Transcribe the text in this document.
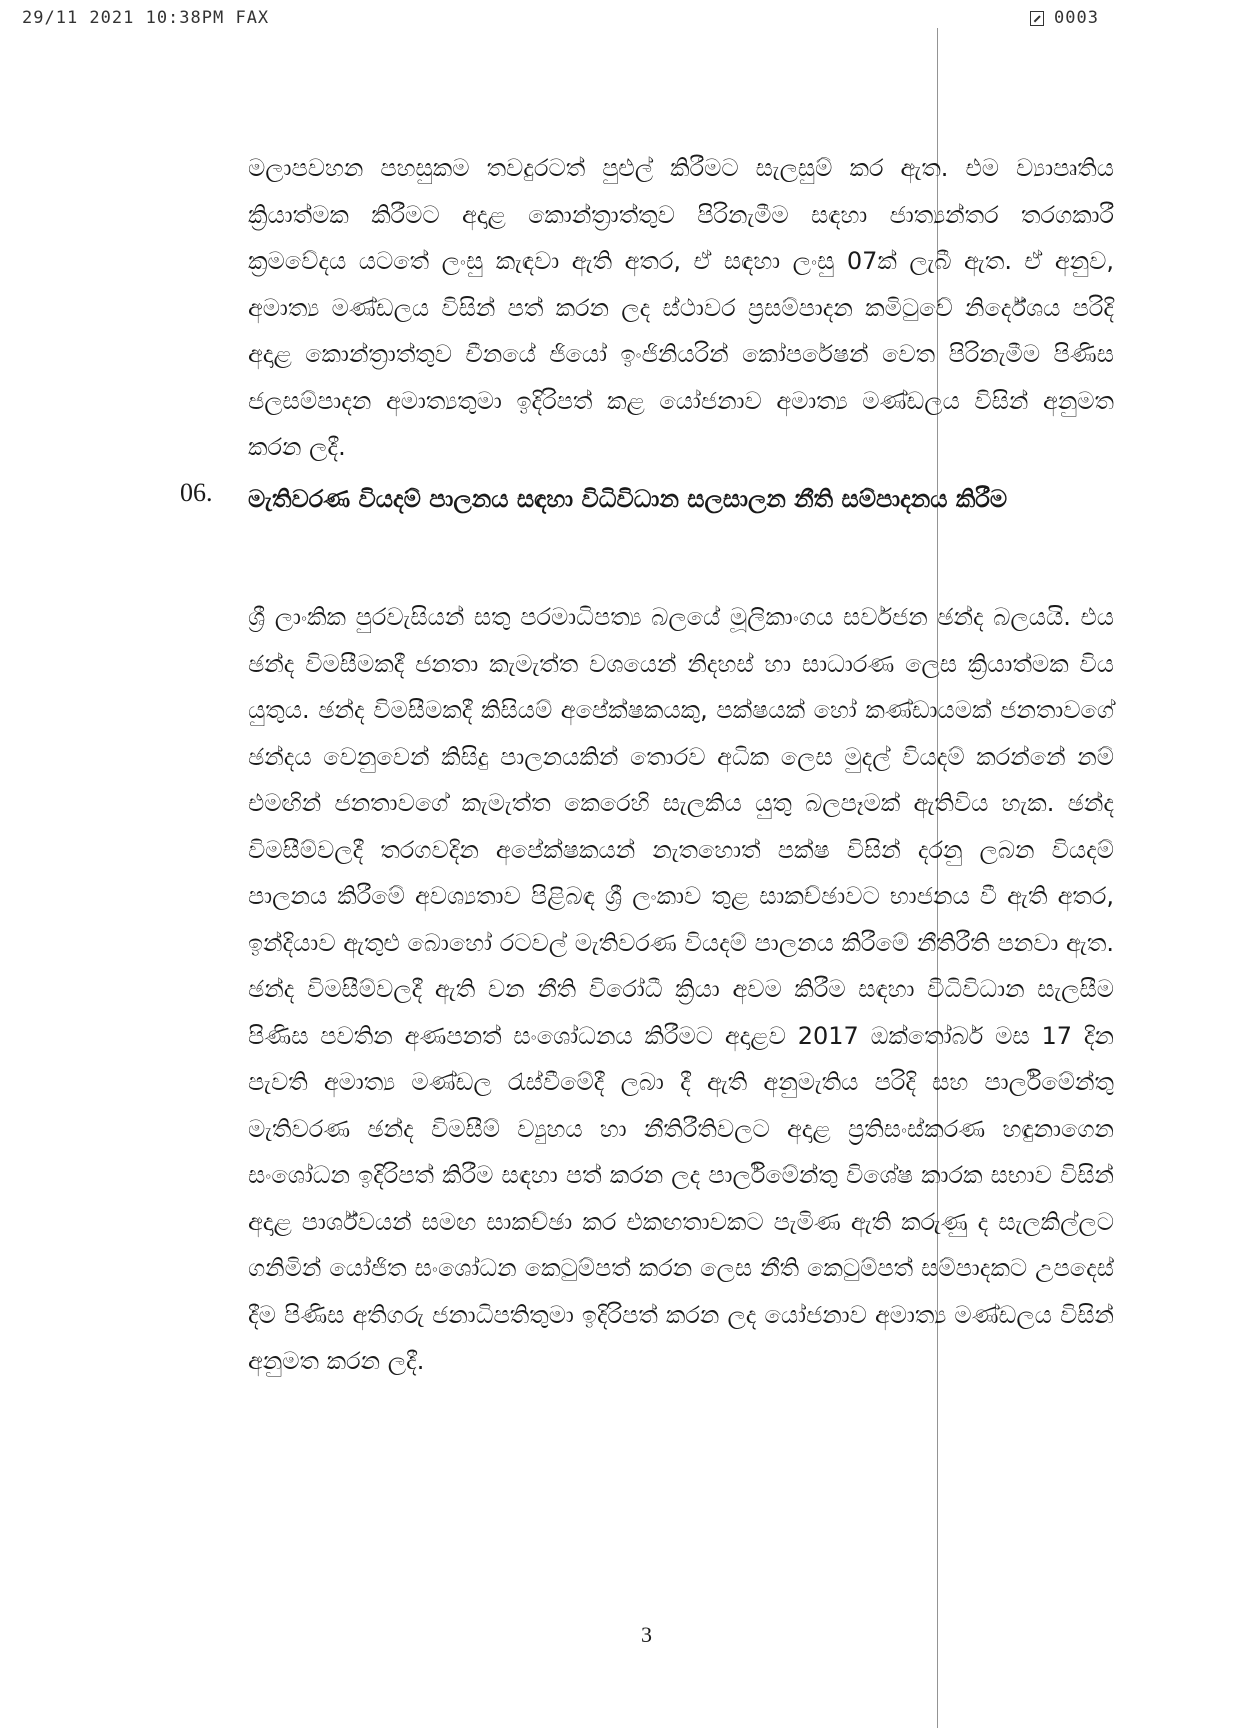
29/11 2021 10:38PM FAX	0003

මලාපවහන පහසුකම තවදුරටත් පුළුල් කිරීමට සැලසුම් කර ඇත. එම ව්‍යාපෘතිය ක්‍රියාත්මක කිරීමට අදාළ කොන්ත්‍රාත්තුව පිරිනැමීම සඳහා ජාත්‍යන්තර තරගකාරී ක්‍රමවේදය යටතේ ලංසු කැඳවා ඇති අතර, ඒ සඳහා ලංසු 07ක් ලැබී ඇත. ඒ අනුව, අමාත්‍ය මණ්ඩලය විසින් පත් කරන ලද ස්ථාවර ප්‍රසම්පාදන කමිටුවේ නිර්දේශය පරිදි අදාළ කොන්ත්‍රාත්තුව චීනයේ ජියෝ ඉංජිනියරින් කෝපරේෂන් වෙත පිරිනැමීම පිණිස ජලසම්පාදන අමාත්‍යතුමා ඉදිරිපත් කළ යෝජනාව අමාත්‍ය මණ්ඩලය විසින් අනුමත කරන ලදී.

06. මැතිවරණ වියදම් පාලනය සඳහා විධිවිධාන සලසාලන නීති සම්පාදනය කිරීම

ශ්‍රී ලාංකික පුරවැසියන් සතු පරමාධිපත්‍ය බලයේ මූලිකාංගය සර්වජන ඡන්ද බලයයි. එය ඡන්ද විමසීමකදී ජනතා කැමැත්ත වශයෙන් නිදහස් හා සාධාරණ ලෙස ක්‍රියාත්මක විය යුතුය. ඡන්ද විමසීමකදී කිසියම් අපේක්ෂකයකු, පක්ෂයක් හෝ කණ්ඩායමක් ජනතාවගේ ඡන්දය වෙනුවෙන් කිසිදු පාලනයකින් තොරව අධික ලෙස මුදල් වියදම් කරන්නේ නම් එමඟින් ජනතාවගේ කැමැත්ත කෙරෙහි සැලකිය යුතු බලපෑමක් ඇතිවිය හැක. ඡන්ද විමසීම්වලදී තරගවදින අපේක්ෂකයන් නැතහොත් පක්ෂ විසින් දරනු ලබන වියදම් පාලනය කිරීමේ අවශ්‍යතාව පිළිබඳ ශ්‍රී ලංකාව තුළ සාකච්ඡාවට භාජනය වී ඇති අතර, ඉන්දියාව ඇතුළු බොහෝ රටවල් මැතිවරණ වියදම් පාලනය කිරීමේ නීතිරීති පනවා ඇත. ඡන්ද විමසීම්වලදී ඇති වන නීති විරෝධී ක්‍රියා අවම කිරීම සඳහා විධිවිධාන සැලසීම පිණිස පවතින අණපනත් සංශෝධනය කිරීමට අදාළව 2017 ඔක්තෝබර් මස 17 දින පැවති අමාත්‍ය මණ්ඩල රැස්වීමේදී ලබා දී ඇති අනුමැතිය පරිදි සහ පාර්ලිමේන්තු මැතිවරණ ඡන්ද විමසීම් ව්‍යුහය හා නීතිරීතිවලට අදාළ ප්‍රතිසංස්කරණ හඳුනාගෙන සංශෝධන ඉදිරිපත් කිරීම සඳහා පත් කරන ලද පාර්ලිමේන්තු විශේෂ කාරක සභාව විසින් අදාළ පාර්ශ්වයන් සමඟ සාකච්ඡා කර එකඟතාවකට පැමිණ ඇති කරුණු ද සැලකිල්ලට ගනිමින් යෝජිත සංශෝධන කෙටුම්පත් කරන ලෙස නීති කෙටුම්පත් සම්පාදකට උපදෙස් දීම පිණිස අතිගරු ජනාධිපතිතුමා ඉදිරිපත් කරන ලද යෝජනාව අමාත්‍ය මණ්ඩලය විසින් අනුමත කරන ලදී.

3
